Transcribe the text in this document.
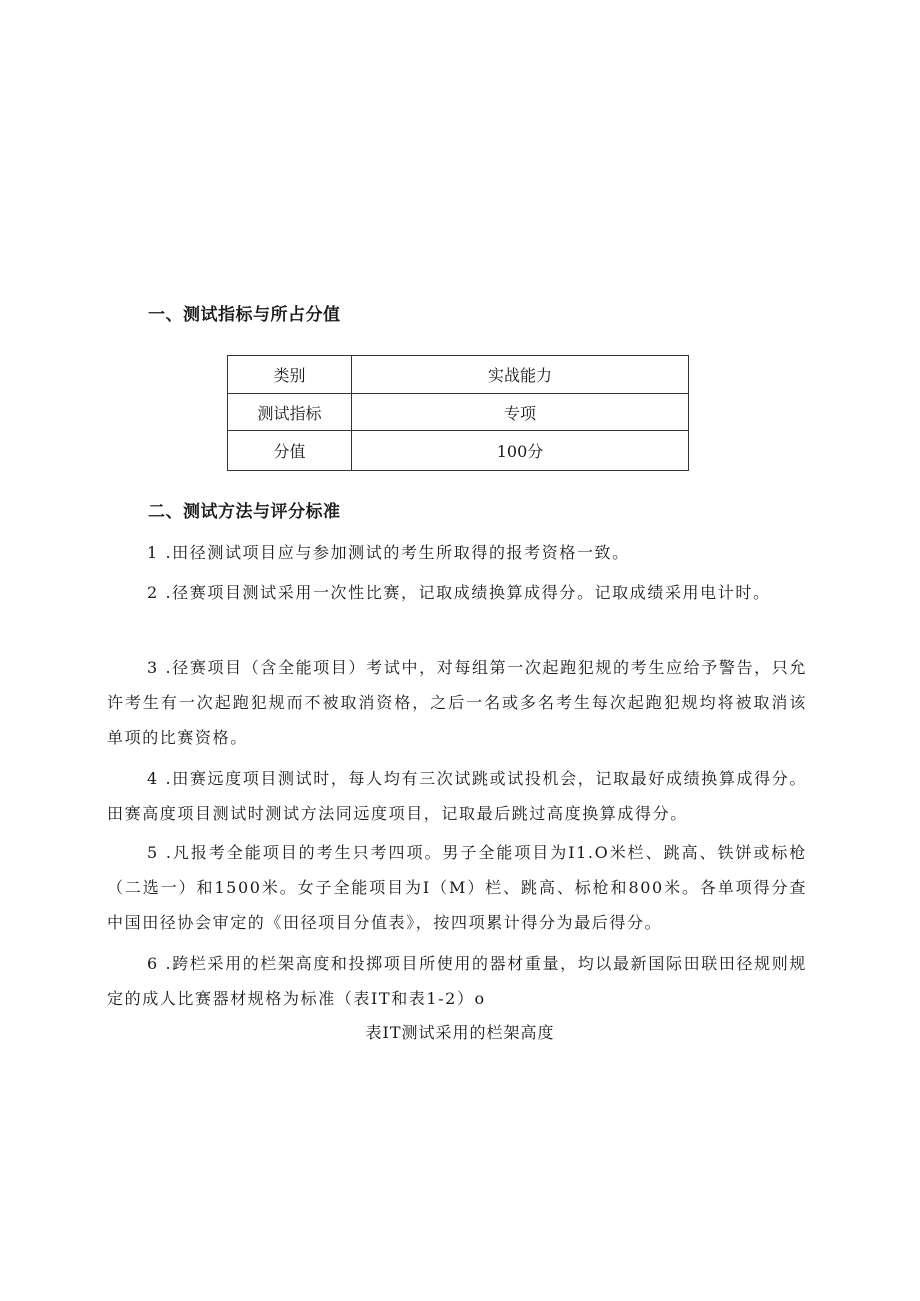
一、测试指标与所占分值
类别	实战能力
测试指标	专项
分值	100分
二、测试方法与评分标准
1 .田径测试项目应与参加测试的考生所取得的报考资格一致。
2 .径赛项目测试采用一次性比赛，记取成绩换算成得分。记取成绩采用电计时。
3 .径赛项目（含全能项目）考试中，对每组第一次起跑犯规的考生应给予警告，只允许考生有一次起跑犯规而不被取消资格，之后一名或多名考生每次起跑犯规均将被取消该单项的比赛资格。
4 .田赛远度项目测试时，每人均有三次试跳或试投机会，记取最好成绩换算成得分。田赛高度项目测试时测试方法同远度项目，记取最后跳过高度换算成得分。
5 .凡报考全能项目的考生只考四项。男子全能项目为I1.O米栏、跳高、铁饼或标枪（二选一）和1500米。女子全能项目为I（M）栏、跳高、标枪和800米。各单项得分查中国田径协会审定的《田径项目分值表》，按四项累计得分为最后得分。
6 .跨栏采用的栏架高度和投掷项目所使用的器材重量，均以最新国际田联田径规则规定的成人比赛器材规格为标准（表IT和表1-2）o
表IT测试采用的栏架高度
